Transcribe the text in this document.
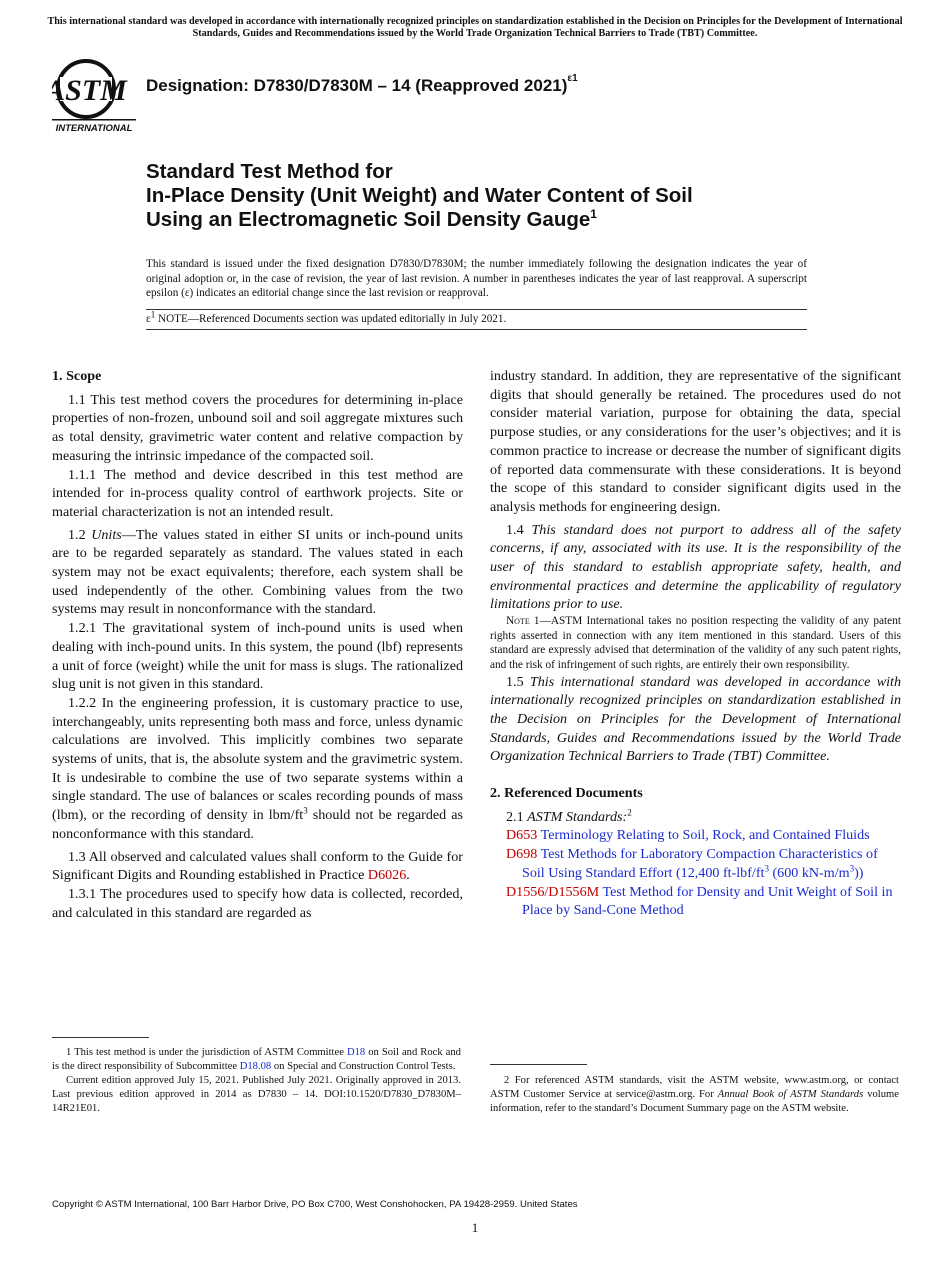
This international standard was developed in accordance with internationally recognized principles on standardization established in the Decision on Principles for the Development of International Standards, Guides and Recommendations issued by the World Trade Organization Technical Barriers to Trade (TBT) Committee.
ASTM
INTERNATIONAL
Designation: D7830/D7830M – 14 (Reapproved 2021)$^{\varepsilon 1}$
Standard Test Method for
In-Place Density (Unit Weight) and Water Content of Soil
Using an Electromagnetic Soil Density Gauge$^1$
This standard is issued under the fixed designation D7830/D7830M; the number immediately following the designation indicates the year of original adoption or, in the case of revision, the year of last revision. A number in parentheses indicates the year of last reapproval. A superscript epsilon (ε) indicates an editorial change since the last revision or reapproval.
$\varepsilon^1$ NOTE—Referenced Documents section was updated editorially in July 2021.
1. Scope

1.1 This test method covers the procedures for determining in-place properties of non-frozen, unbound soil and soil aggregate mixtures such as total density, gravimetric water content and relative compaction by measuring the intrinsic impedance of the compacted soil.

1.1.1 The method and device described in this test method are intended for in-process quality control of earthwork projects. Site or material characterization is not an intended result.

1.2 Units—The values stated in either SI units or inch-pound units are to be regarded separately as standard. The values stated in each system may not be exact equivalents; therefore, each system shall be used independently of the other. Combining values from the two systems may result in nonconformance with the standard.

1.2.1 The gravitational system of inch-pound units is used when dealing with inch-pound units. In this system, the pound (lbf) represents a unit of force (weight) while the unit for mass is slugs. The rationalized slug unit is not given in this standard.

1.2.2 In the engineering profession, it is customary practice to use, interchangeably, units representing both mass and force, unless dynamic calculations are involved. This implicitly combines two separate systems of units, that is, the absolute system and the gravimetric system. It is undesirable to combine the use of two separate systems within a single standard. The use of balances or scales recording pounds of mass (lbm), or the recording of density in lbm/$ft^3$ should not be regarded as nonconformance with this standard.

1.3 All observed and calculated values shall conform to the Guide for Significant Digits and Rounding established in Practice D6026.

1.3.1 The procedures used to specify how data is collected, recorded, and calculated in this standard are regarded as

1 This test method is under the jurisdiction of ASTM Committee D18 on Soil and Rock and is the direct responsibility of Subcommittee D18.08 on Special and Construction Control Tests.

Current edition approved July 15, 2021. Published July 2021. Originally approved in 2013. Last previous edition approved in 2014 as D7830 – 14. DOI:10.1520/D7830_D7830M–14R21E01.

industry standard. In addition, they are representative of the significant digits that should generally be retained. The procedures used do not consider material variation, purpose for obtaining the data, special purpose studies, or any considerations for the user’s objectives; and it is common practice to increase or decrease the number of significant digits of reported data commensurate with these considerations. It is beyond the scope of this standard to consider significant digits used in the analysis methods for engineering design.

1.4 This standard does not purport to address all of the safety concerns, if any, associated with its use. It is the responsibility of the user of this standard to establish appropriate safety, health, and environmental practices and determine the applicability of regulatory limitations prior to use.

Note 1—ASTM International takes no position respecting the validity of any patent rights asserted in connection with any item mentioned in this standard. Users of this standard are expressly advised that determination of the validity of any such patent rights, and the risk of infringement of such rights, are entirely their own responsibility.

1.5 This international standard was developed in accordance with internationally recognized principles on standardization established in the Decision on Principles for the Development of International Standards, Guides and Recommendations issued by the World Trade Organization Technical Barriers to Trade (TBT) Committee.

2. Referenced Documents

2.1 ASTM Standards:$^2$

D653 Terminology Relating to Soil, Rock, and Contained Fluids

D698 Test Methods for Laboratory Compaction Characteristics of Soil Using Standard Effort (12,400 $ft-lbf/ft^3$ (600 $kN-m/m^3$))

D1556/D1556M Test Method for Density and Unit Weight of Soil in Place by Sand-Cone Method

2 For referenced ASTM standards, visit the ASTM website, www.astm.org, or contact ASTM Customer Service at service@astm.org. For Annual Book of ASTM Standards volume information, refer to the standard’s Document Summary page on the ASTM website.

Copyright © ASTM International, 100 Barr Harbor Drive, PO Box C700, West Conshohocken, PA 19428-2959. United States
1
